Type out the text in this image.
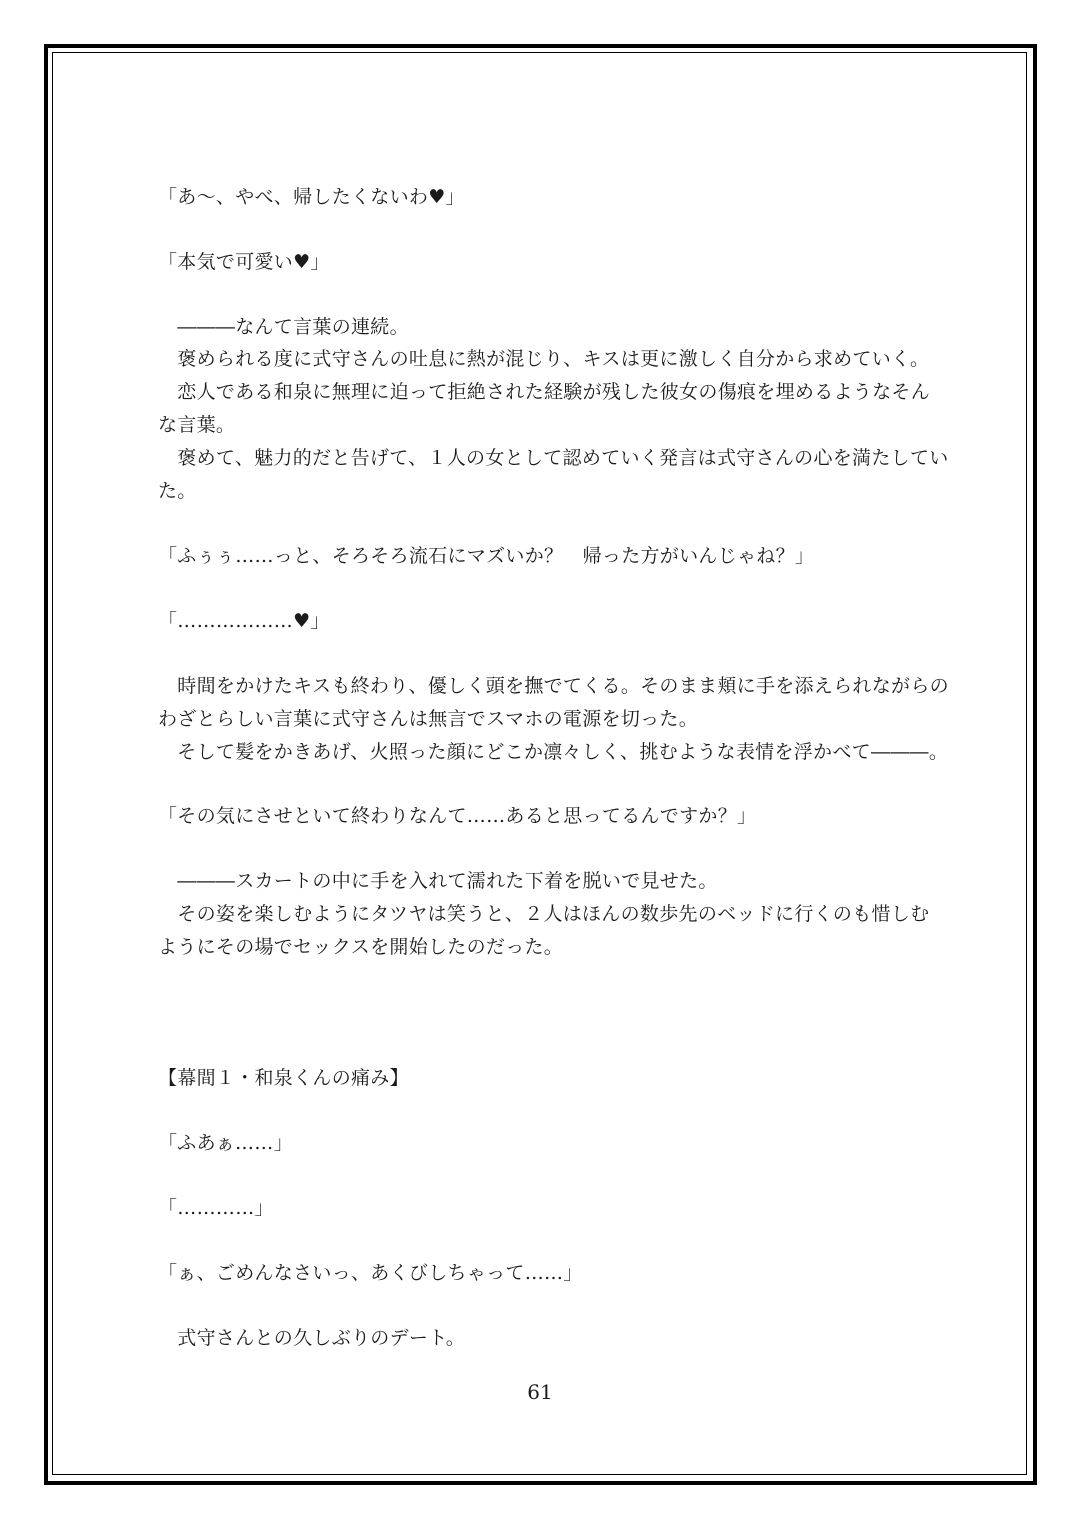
「あ〜、やべ、帰したくないわ♥」
「本気で可愛い♥」
　―――なんて言葉の連続。
　褒められる度に式守さんの吐息に熱が混じり、キスは更に激しく自分から求めていく。
　恋人である和泉に無理に迫って拒絶された経験が残した彼女の傷痕を埋めるようなそん
な言葉。
　褒めて、魅力的だと告げて、１人の女として認めていく発言は式守さんの心を満たしてい
た。
「ふぅぅ……っと、そろそろ流石にマズいか？　帰った方がいんじゃね？」
「………………♥」
　時間をかけたキスも終わり、優しく頭を撫でてくる。そのまま頬に手を添えられながらの
わざとらしい言葉に式守さんは無言でスマホの電源を切った。
　そして髪をかきあげ、火照った顔にどこか凛々しく、挑むような表情を浮かべて―――。
「その気にさせといて終わりなんて……あると思ってるんですか？」
　―――スカートの中に手を入れて濡れた下着を脱いで見せた。
　その姿を楽しむようにタツヤは笑うと、２人はほんの数歩先のベッドに行くのも惜しむ
ようにその場でセックスを開始したのだった。
【幕間１・和泉くんの痛み】
「ふあぁ……」
「…………」
「ぁ、ごめんなさいっ、あくびしちゃって……」
　式守さんとの久しぶりのデート。
61
